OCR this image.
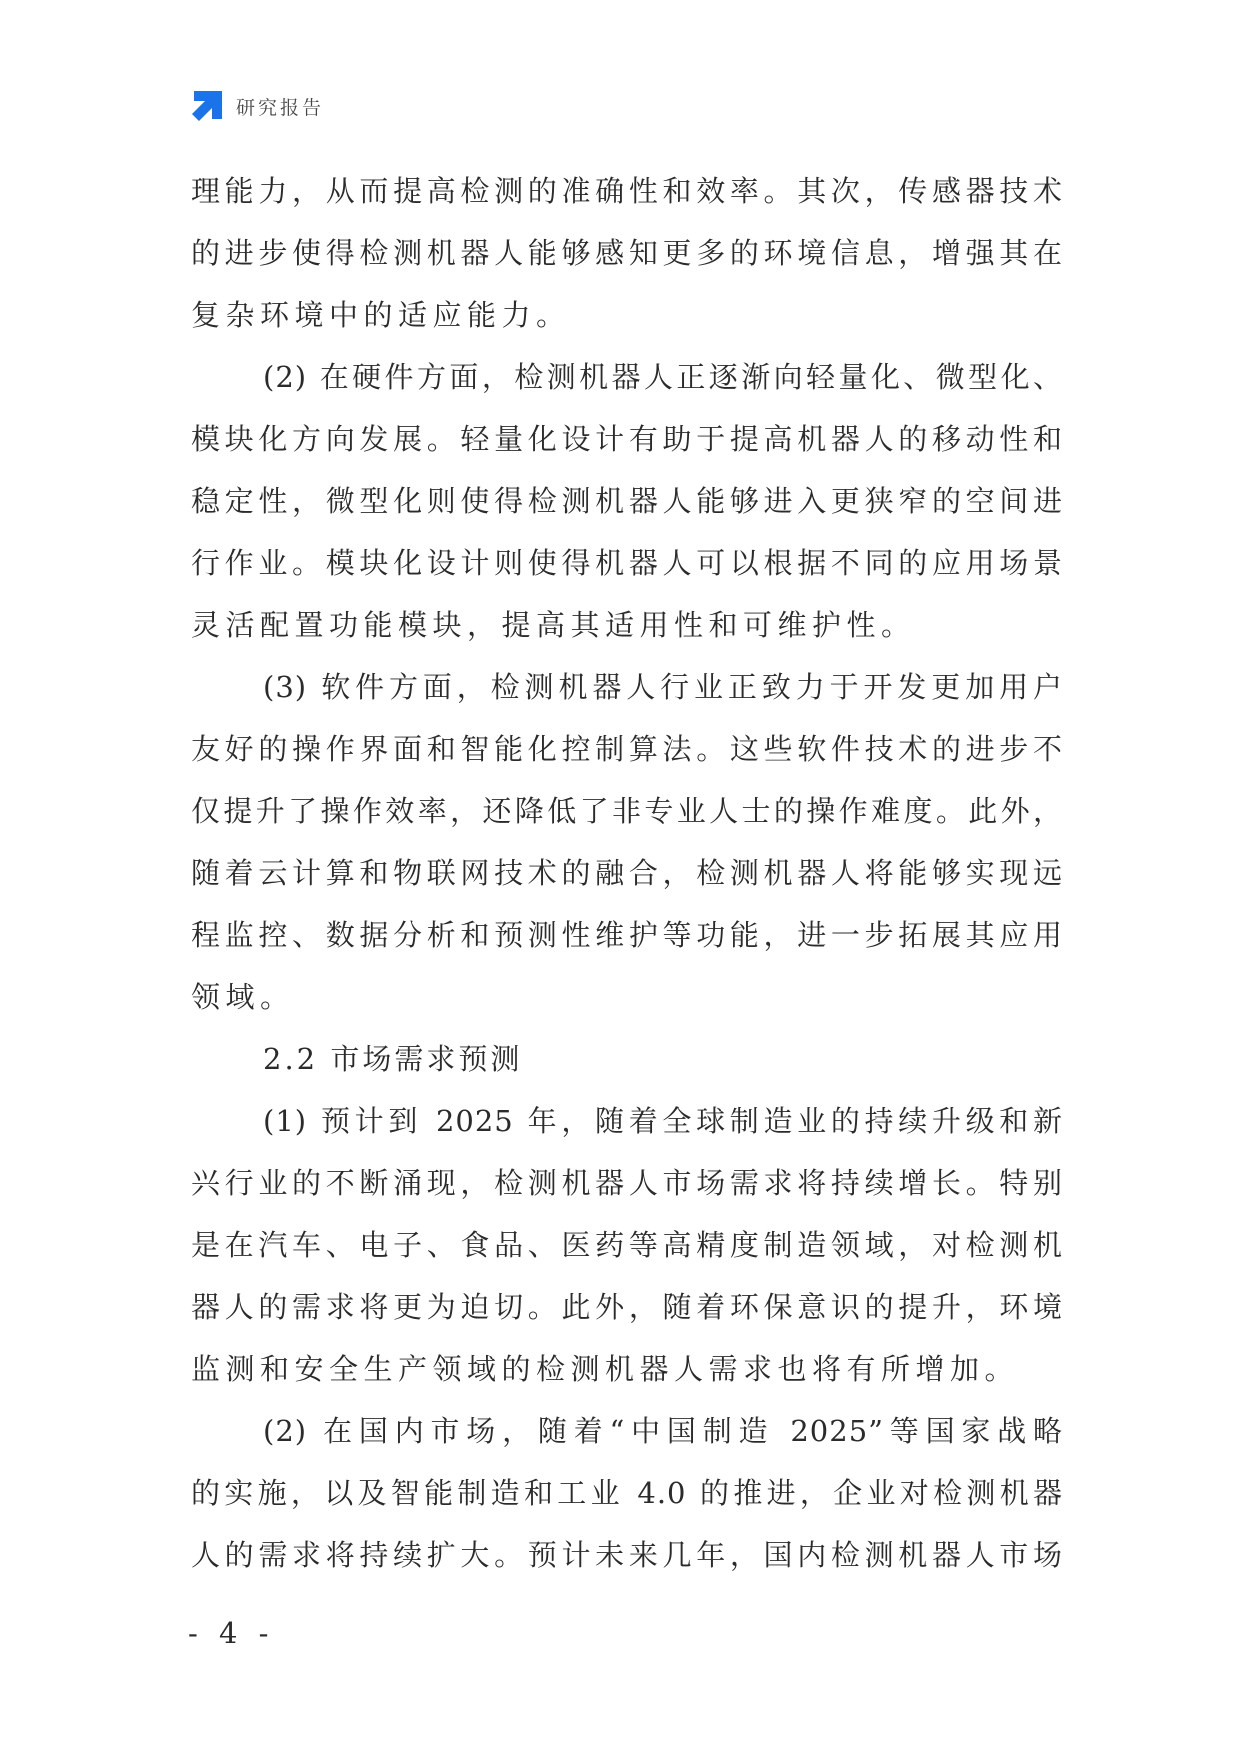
研究报告
理能力，从而提高检测的准确性和效率。其次，传感器技术
的进步使得检测机器人能够感知更多的环境信息，增强其在
复杂环境中的适应能力。
(2) 在硬件方面，检测机器人正逐渐向轻量化、微型化、
模块化方向发展。轻量化设计有助于提高机器人的移动性和
稳定性，微型化则使得检测机器人能够进入更狭窄的空间进
行作业。模块化设计则使得机器人可以根据不同的应用场景
灵活配置功能模块，提高其适用性和可维护性。
(3) 软件方面，检测机器人行业正致力于开发更加用户
友好的操作界面和智能化控制算法。这些软件技术的进步不
仅提升了操作效率，还降低了非专业人士的操作难度。此外，
随着云计算和物联网技术的融合，检测机器人将能够实现远
程监控、数据分析和预测性维护等功能，进一步拓展其应用
领域。
2.2 市场需求预测
(1) 预计到 2025 年，随着全球制造业的持续升级和新
兴行业的不断涌现，检测机器人市场需求将持续增长。特别
是在汽车、电子、食品、医药等高精度制造领域，对检测机
器人的需求将更为迫切。此外，随着环保意识的提升，环境
监测和安全生产领域的检测机器人需求也将有所增加。
(2) 在国内市场，随着“中国制造 2025”等国家战略
的实施，以及智能制造和工业 4.0 的推进，企业对检测机器
人的需求将持续扩大。预计未来几年，国内检测机器人市场
- 4 -
